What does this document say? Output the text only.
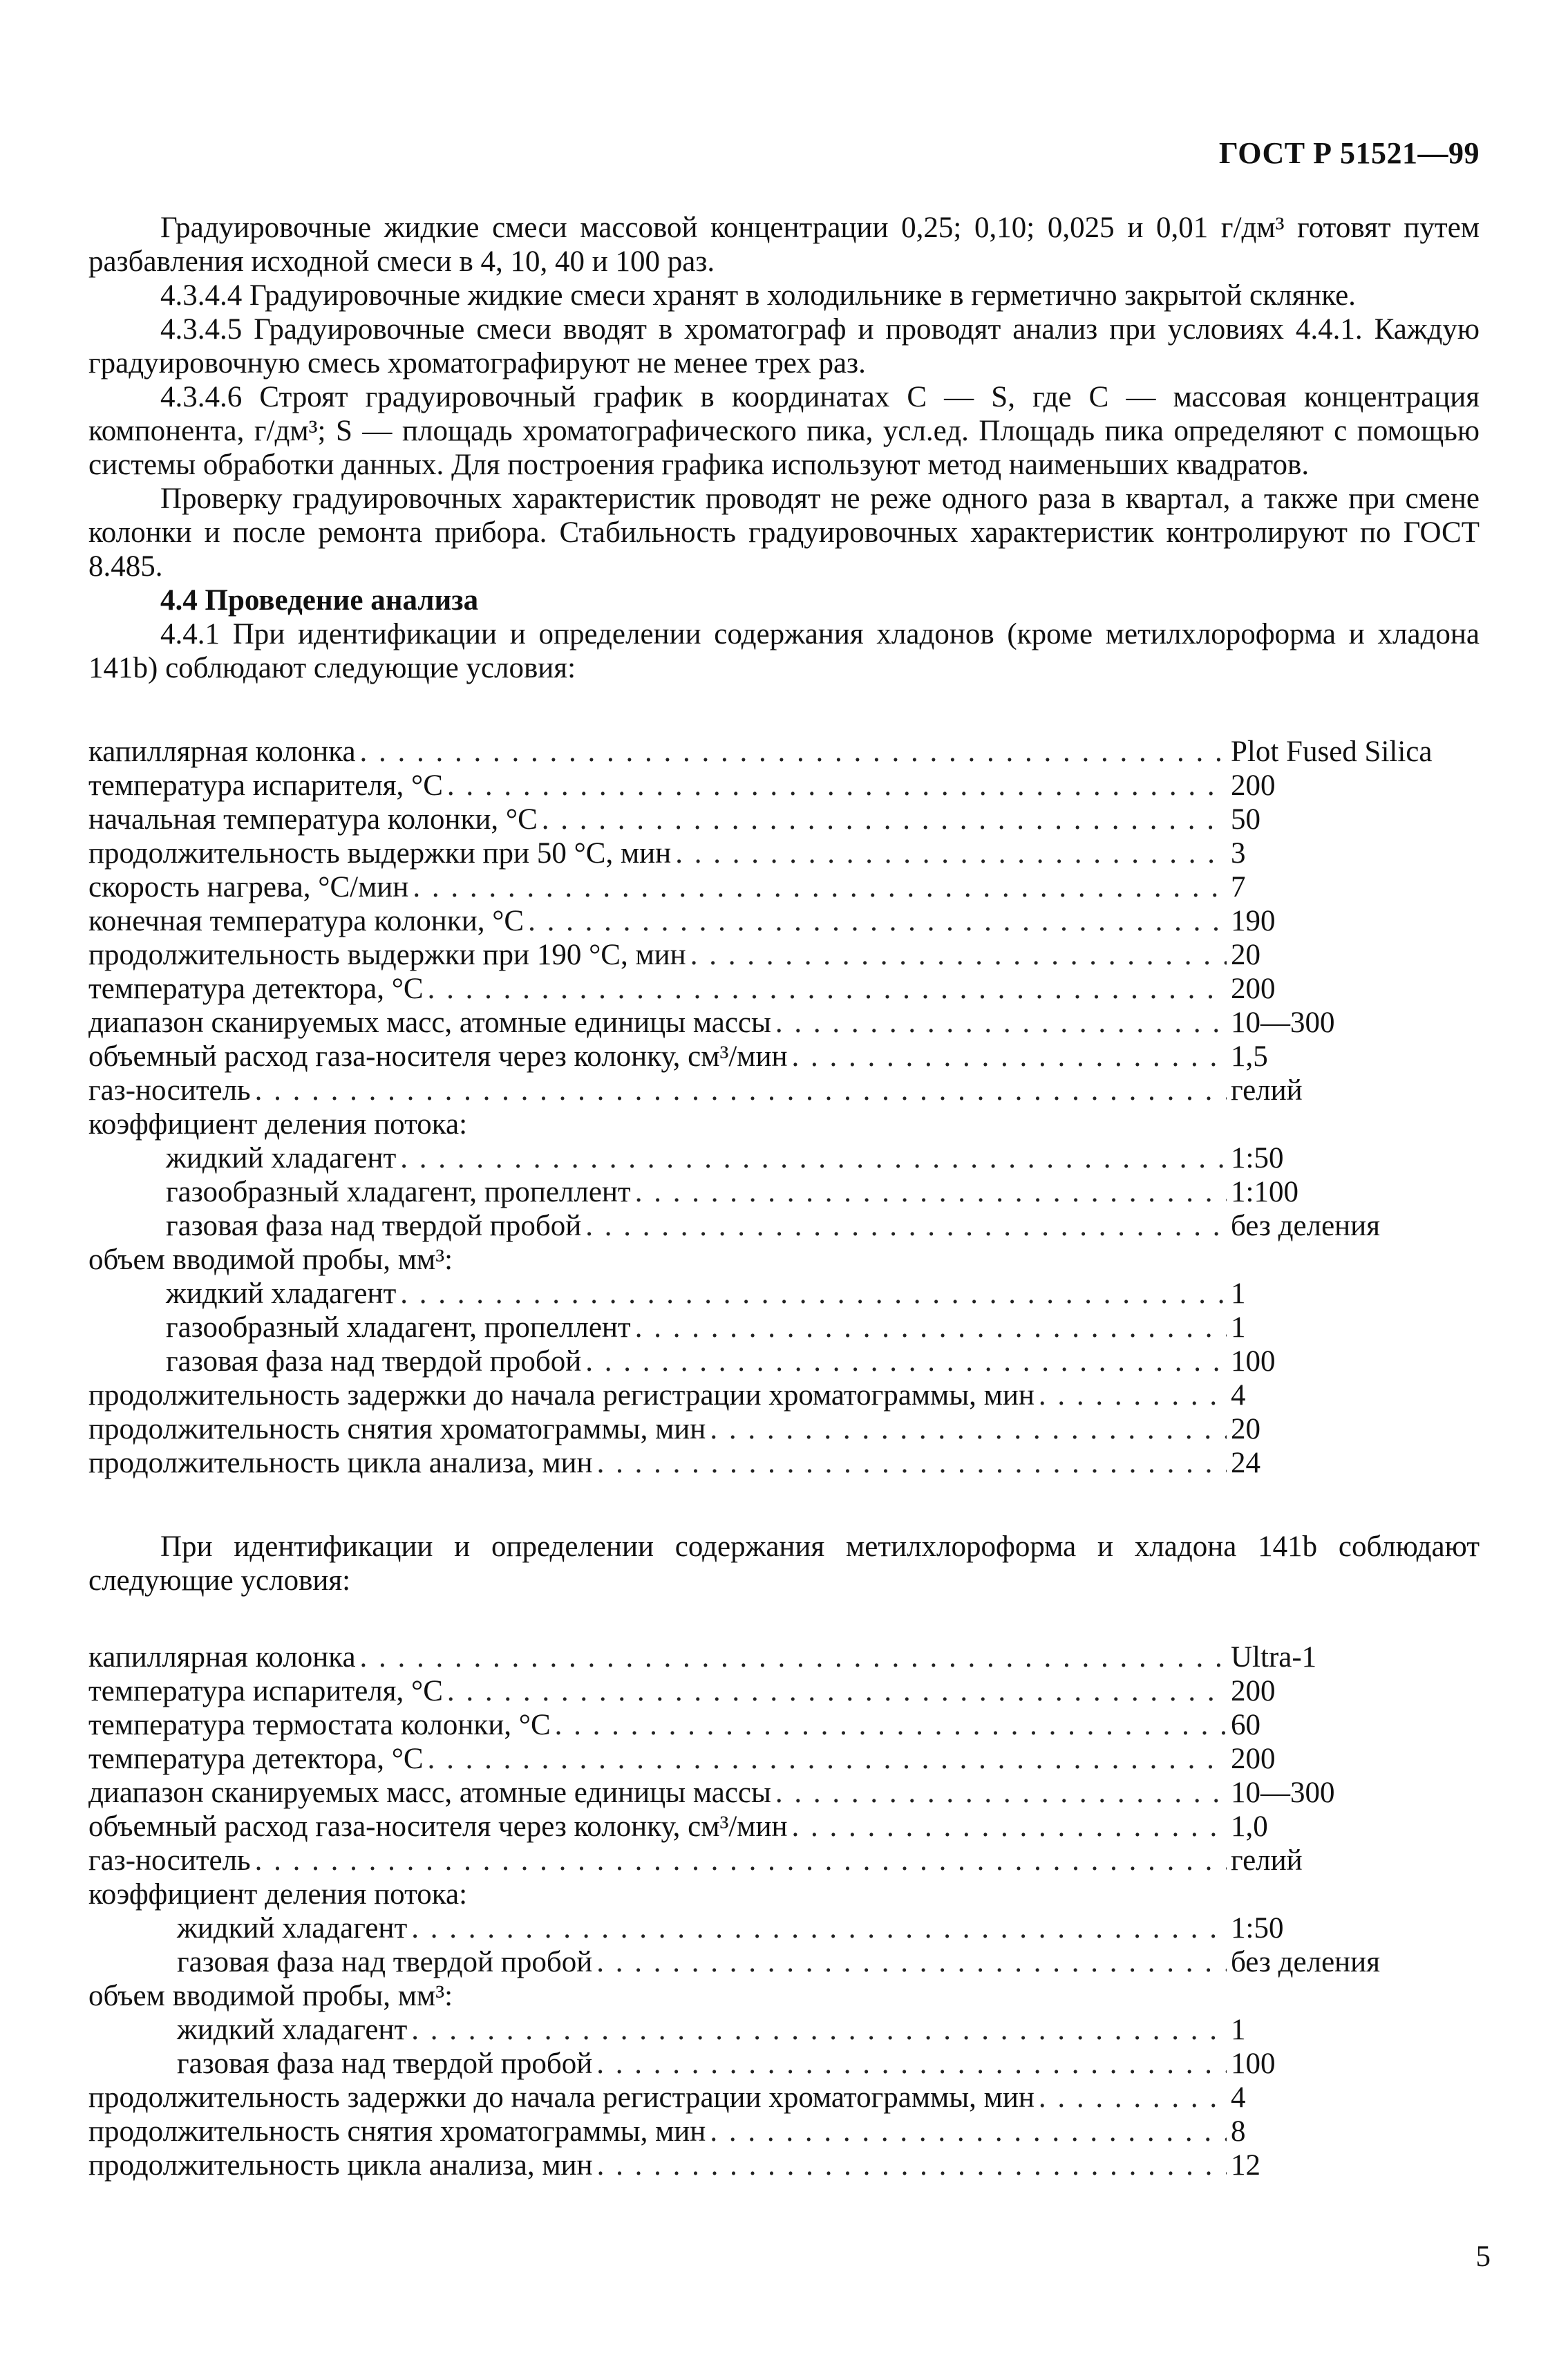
ГОСТ Р 51521—99

Градуировочные жидкие смеси массовой концентрации 0,25; 0,10; 0,025 и 0,01 г/дм³ готовят путем разбавления исходной смеси в 4, 10, 40 и 100 раз.

4.3.4.4 Градуировочные жидкие смеси хранят в холодильнике в герметично закрытой склянке.

4.3.4.5 Градуировочные смеси вводят в хроматограф и проводят анализ при условиях 4.4.1. Каждую градуировочную смесь хроматографируют не менее трех раз.

4.3.4.6 Строят градуировочный график в координатах C — S, где C — массовая концентрация компонента, г/дм³; S — площадь хроматографического пика, усл.ед. Площадь пика определяют с помощью системы обработки данных. Для построения графика используют метод наименьших квадратов.

Проверку градуировочных характеристик проводят не реже одного раза в квартал, а также при смене колонки и после ремонта прибора. Стабильность градуировочных характеристик контролируют по ГОСТ 8.485.

4.4 Проведение анализа

4.4.1 При идентификации и определении содержания хладонов (кроме метилхлороформа и хладона 141b) соблюдают следующие условия:

капиллярная колонка . . .	Plot Fused Silica
температура испарителя, °С . . .	200
начальная температура колонки, °С . . .	50
продолжительность выдержки при 50 °С, мин . . .	3
скорость нагрева, °С/мин . . .	7
конечная температура колонки, °С . . .	190
продолжительность выдержки при 190 °С, мин . . .	20
температура детектора, °С . . .	200
диапазон сканируемых масс, атомные единицы массы . . .	10—300
объемный расход газа-носителя через колонку, см³/мин . . .	1,5
газ-носитель . . .	гелий
коэффициент деления потока:
жидкий хладагент . . .	1:50
газообразный хладагент, пропеллент . . .	1:100
газовая фаза над твердой пробой . . .	без деления
объем вводимой пробы, мм³:
жидкий хладагент . . .	1
газообразный хладагент, пропеллент . . .	1
газовая фаза над твердой пробой . . .	100
продолжительность задержки до начала регистрации хроматограммы, мин . . .	4
продолжительность снятия хроматограммы, мин . . .	20
продолжительность цикла анализа, мин . . .	24

При идентификации и определении содержания метилхлороформа и хладона 141b соблюдают следующие условия:

капиллярная колонка . . .	Ultra-1
температура испарителя, °С . . .	200
температура термостата колонки, °С . . .	60
температура детектора, °С . . .	200
диапазон сканируемых масс, атомные единицы массы . . .	10—300
объемный расход газа-носителя через колонку, см³/мин . . .	1,0
газ-носитель . . .	гелий
коэффициент деления потока:
жидкий хладагент . . .	1:50
газовая фаза над твердой пробой . . .	без деления
объем вводимой пробы, мм³:
жидкий хладагент . . .	1
газовая фаза над твердой пробой . . .	100
продолжительность задержки до начала регистрации хроматограммы, мин . . .	4
продолжительность снятия хроматограммы, мин . . .	8
продолжительность цикла анализа, мин . . .	12
5
